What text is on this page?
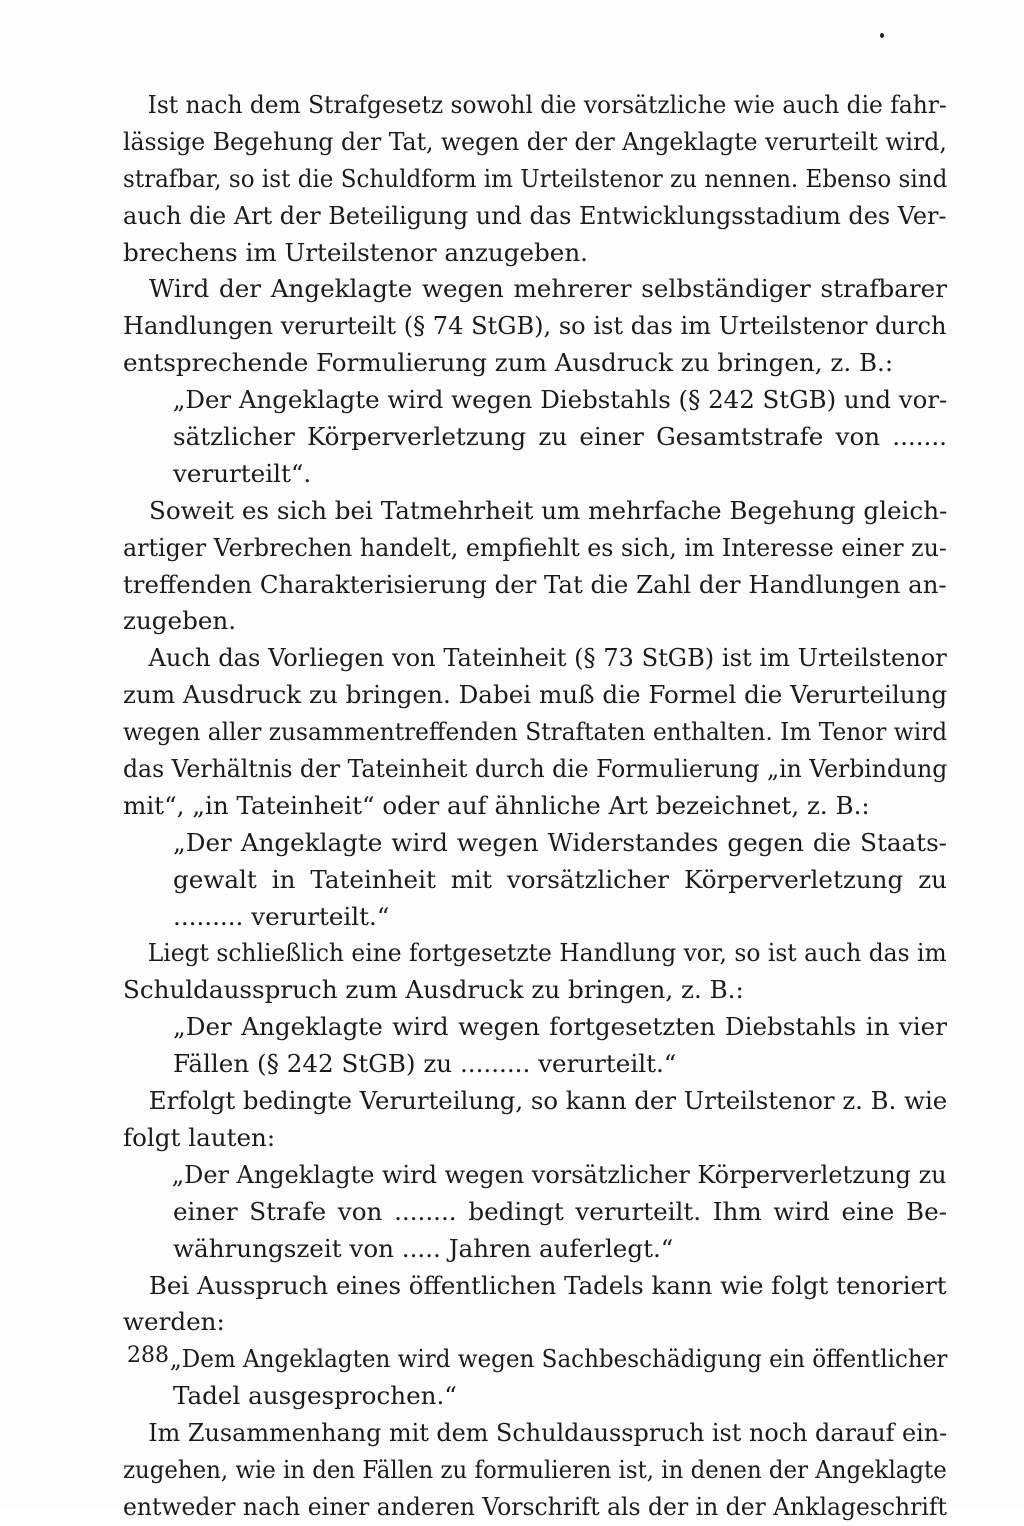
Ist nach dem Strafgesetz sowohl die vorsätzliche wie auch die fahr-
lässige Begehung der Tat, wegen der der Angeklagte verurteilt wird,
strafbar, so ist die Schuldform im Urteilstenor zu nennen. Ebenso sind
auch die Art der Beteiligung und das Entwicklungsstadium des Ver-
brechens im Urteilstenor anzugeben.
Wird der Angeklagte wegen mehrerer selbständiger strafbarer
Handlungen verurteilt (§ 74 StGB), so ist das im Urteilstenor durch
entsprechende Formulierung zum Ausdruck zu bringen, z. B.:
„Der Angeklagte wird wegen Diebstahls (§ 242 StGB) und vor-
sätzlicher Körperverletzung zu einer Gesamtstrafe von .......
verurteilt“.
Soweit es sich bei Tatmehrheit um mehrfache Begehung gleich-
artiger Verbrechen handelt, empfiehlt es sich, im Interesse einer zu-
treffenden Charakterisierung der Tat die Zahl der Handlungen an-
zugeben.
Auch das Vorliegen von Tateinheit (§ 73 StGB) ist im Urteilstenor
zum Ausdruck zu bringen. Dabei muß die Formel die Verurteilung
wegen aller zusammentreffenden Straftaten enthalten. Im Tenor wird
das Verhältnis der Tateinheit durch die Formulierung „in Verbindung
mit“, „in Tateinheit“ oder auf ähnliche Art bezeichnet, z. B.:
„Der Angeklagte wird wegen Widerstandes gegen die Staats-
gewalt in Tateinheit mit vorsätzlicher Körperverletzung zu
......... verurteilt.“
Liegt schließlich eine fortgesetzte Handlung vor, so ist auch das im
Schuldausspruch zum Ausdruck zu bringen, z. B.:
„Der Angeklagte wird wegen fortgesetzten Diebstahls in vier
Fällen (§ 242 StGB) zu ......... verurteilt.“
Erfolgt bedingte Verurteilung, so kann der Urteilstenor z. B. wie
folgt lauten:
„Der Angeklagte wird wegen vorsätzlicher Körperverletzung zu
einer Strafe von ........ bedingt verurteilt. Ihm wird eine Be-
währungszeit von ..... Jahren auferlegt.“
Bei Ausspruch eines öffentlichen Tadels kann wie folgt tenoriert
werden:
„Dem Angeklagten wird wegen Sachbeschädigung ein öffentlicher
Tadel ausgesprochen.“
Im Zusammenhang mit dem Schuldausspruch ist noch darauf ein-
zugehen, wie in den Fällen zu formulieren ist, in denen der Angeklagte
entweder nach einer anderen Vorschrift als der in der Anklageschrift
288
